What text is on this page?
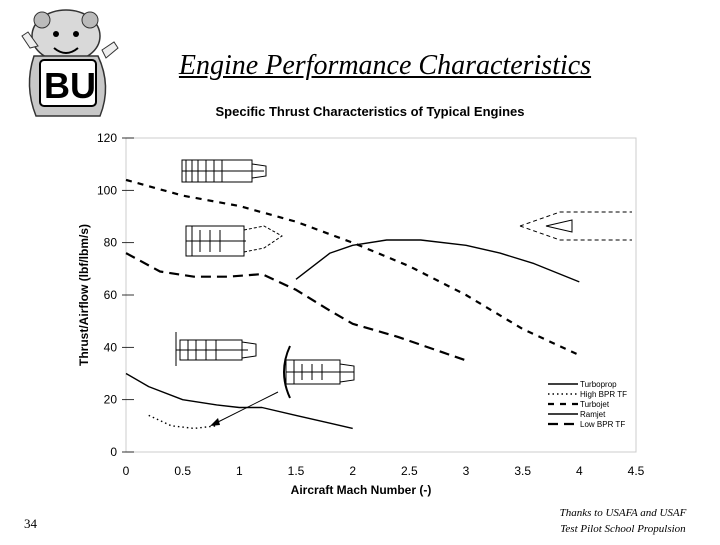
BU	Engine Performance Characteristics
Specific Thrust Characteristics of Typical Engines
0
20
40
60
80
100
120
0	0.5	1	1.5	2	2.5	3	3.5	4	4.5
Aircraft Mach Number (-)
Thrust/Airflow (lbf/lbm/s)
Turboprop
High BPR TF
Turbojet
Ramjet
Low BPR TF
34
Thanks to USAFA and USAF
Test Pilot School Propulsion
